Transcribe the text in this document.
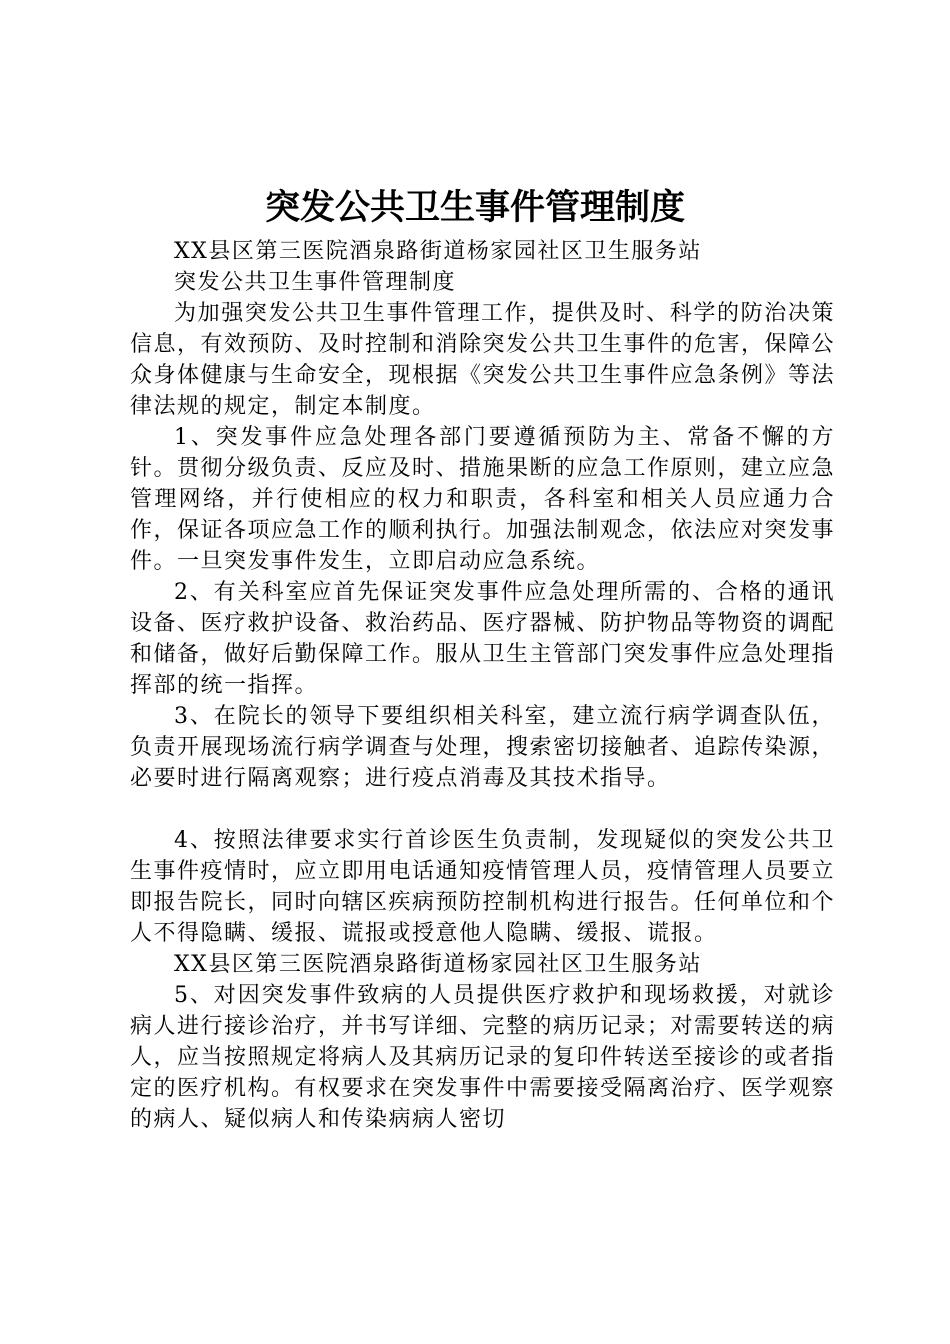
突发公共卫生事件管理制度

XX县区第三医院酒泉路街道杨家园社区卫生服务站

突发公共卫生事件管理制度

为加强突发公共卫生事件管理工作，提供及时、科学的防治决策信息，有效预防、及时控制和消除突发公共卫生事件的危害，保障公众身体健康与生命安全，现根据《突发公共卫生事件应急条例》等法律法规的规定，制定本制度。

1、突发事件应急处理各部门要遵循预防为主、常备不懈的方针。贯彻分级负责、反应及时、措施果断的应急工作原则，建立应急管理网络，并行使相应的权力和职责，各科室和相关人员应通力合作，保证各项应急工作的顺利执行。加强法制观念，依法应对突发事件。一旦突发事件发生，立即启动应急系统。

2、有关科室应首先保证突发事件应急处理所需的、合格的通讯设备、医疗救护设备、救治药品、医疗器械、防护物品等物资的调配和储备，做好后勤保障工作。服从卫生主管部门突发事件应急处理指挥部的统一指挥。

3、在院长的领导下要组织相关科室，建立流行病学调查队伍，负责开展现场流行病学调查与处理，搜索密切接触者、追踪传染源，必要时进行隔离观察；进行疫点消毒及其技术指导。

4、按照法律要求实行首诊医生负责制，发现疑似的突发公共卫生事件疫情时，应立即用电话通知疫情管理人员，疫情管理人员要立即报告院长，同时向辖区疾病预防控制机构进行报告。任何单位和个人不得隐瞒、缓报、谎报或授意他人隐瞒、缓报、谎报。

XX县区第三医院酒泉路街道杨家园社区卫生服务站

5、对因突发事件致病的人员提供医疗救护和现场救援，对就诊病人进行接诊治疗，并书写详细、完整的病历记录；对需要转送的病人，应当按照规定将病人及其病历记录的复印件转送至接诊的或者指定的医疗机构。有权要求在突发事件中需要接受隔离治疗、医学观察的病人、疑似病人和传染病病人密切
